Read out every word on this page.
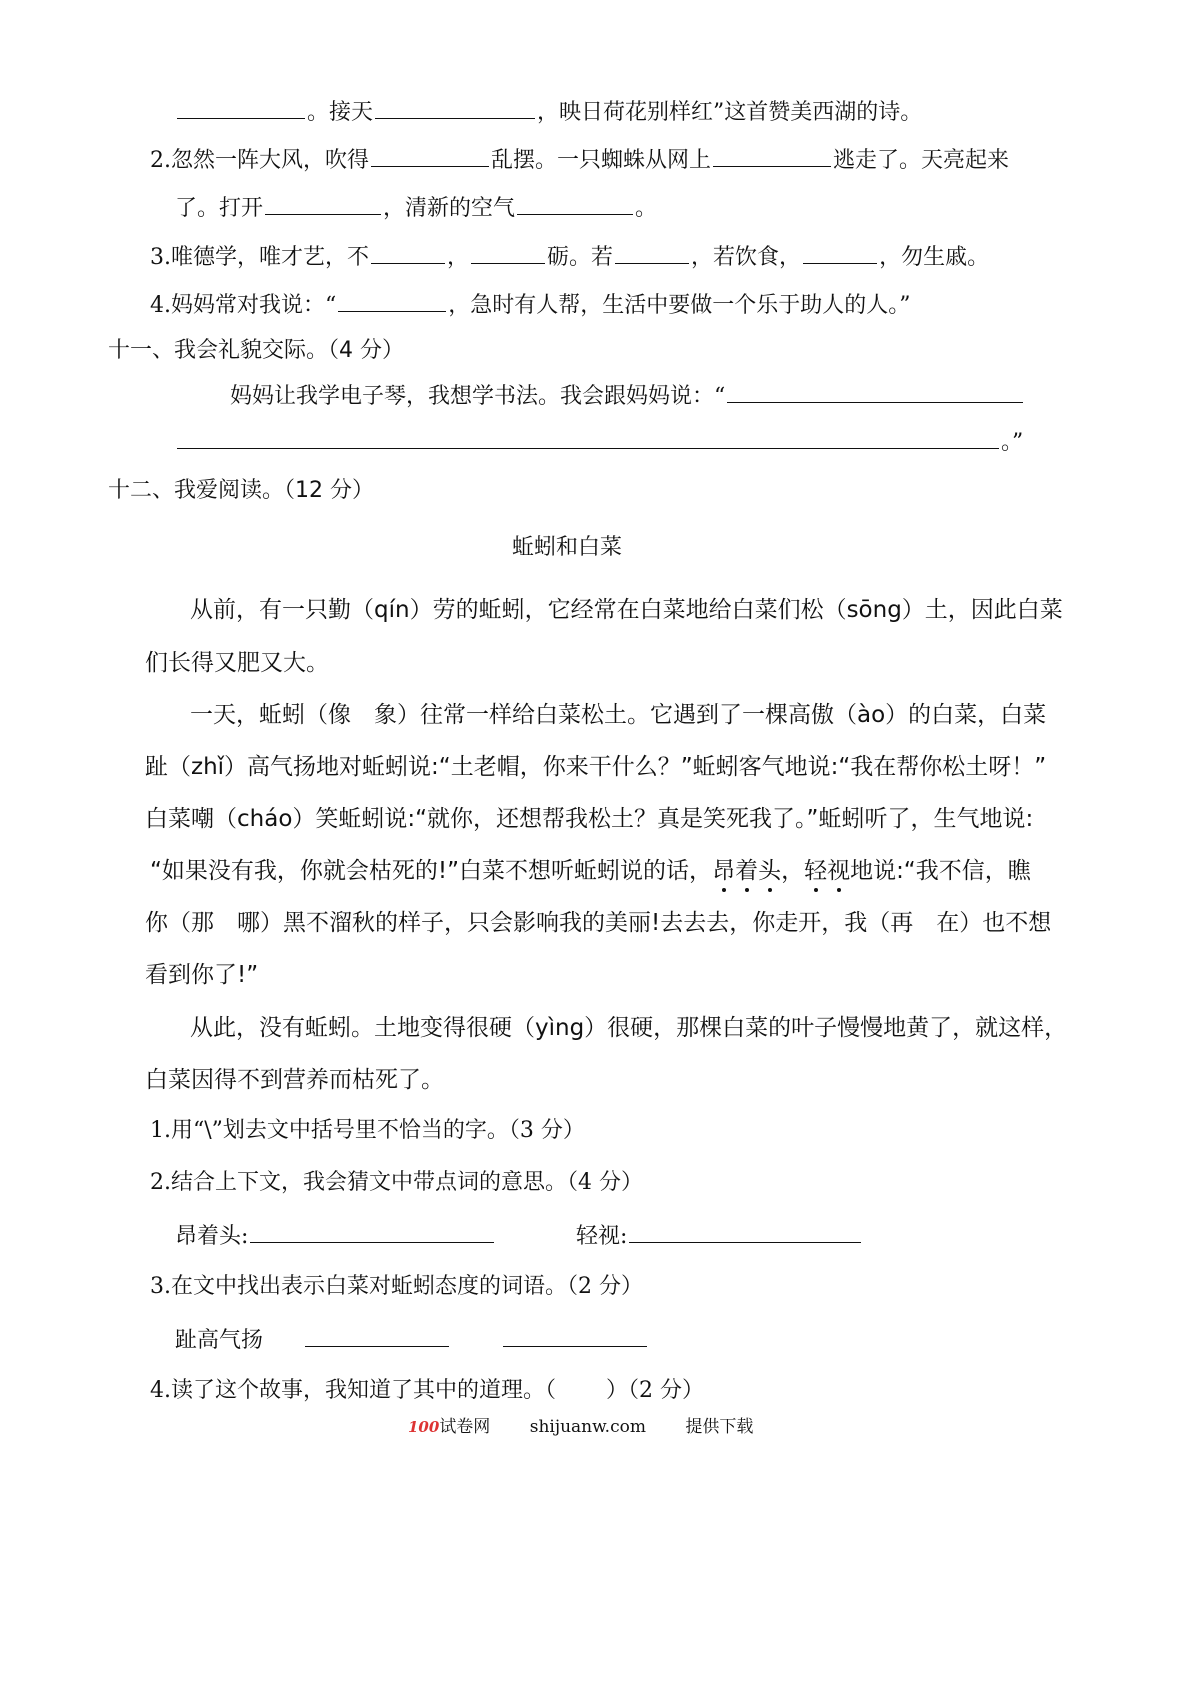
。接天	，映日荷花别样红”这首赞美西湖的诗。
2.忽然一阵大风，吹得	乱摆。一只蜘蛛从网上	逃走了。天亮起来
了。打开	，清新的空气	。
3.唯德学，唯才艺，不	，	砺。若	，若饮食，	，勿生戚。
4.妈妈常对我说：“	，急时有人帮，生活中要做一个乐于助人的人。”
十一、我会礼貌交际。（4 分）
妈妈让我学电子琴，我想学书法。我会跟妈妈说：“
。”
十二、我爱阅读。（12 分）
蚯蚓和白菜
从前，有一只勤（qín）劳的蚯蚓，它经常在白菜地给白菜们松（sōng）土，因此白菜
们长得又肥又大。
一天，蚯蚓（像　象）往常一样给白菜松土。它遇到了一棵高傲（ào）的白菜，白菜
趾（zhǐ）高气扬地对蚯蚓说:“土老帽，你来干什么？”蚯蚓客气地说:“我在帮你松土呀！”
白菜嘲（cháo）笑蚯蚓说:“就你，还想帮我松土？真是笑死我了。”蚯蚓听了，生气地说:
“如果没有我，你就会枯死的!”白菜不想听蚯蚓说的话，昂着头，轻视地说:“我不信，瞧
你（那　哪）黑不溜秋的样子，只会影响我的美丽!去去去，你走开，我（再　在）也不想
看到你了!”
从此，没有蚯蚓。土地变得很硬（yìng）很硬，那棵白菜的叶子慢慢地黄了，就这样，
白菜因得不到营养而枯死了。
1.用“\”划去文中括号里不恰当的字。（3 分）
2.结合上下文，我会猜文中带点词的意思。（4 分）
昂着头:	轻视:
3.在文中找出表示白菜对蚯蚓态度的词语。（2 分）
趾高气扬
4.读了这个故事，我知道了其中的道理。（ ）（2 分）
100试卷网 shijuanw.com 提供下载
